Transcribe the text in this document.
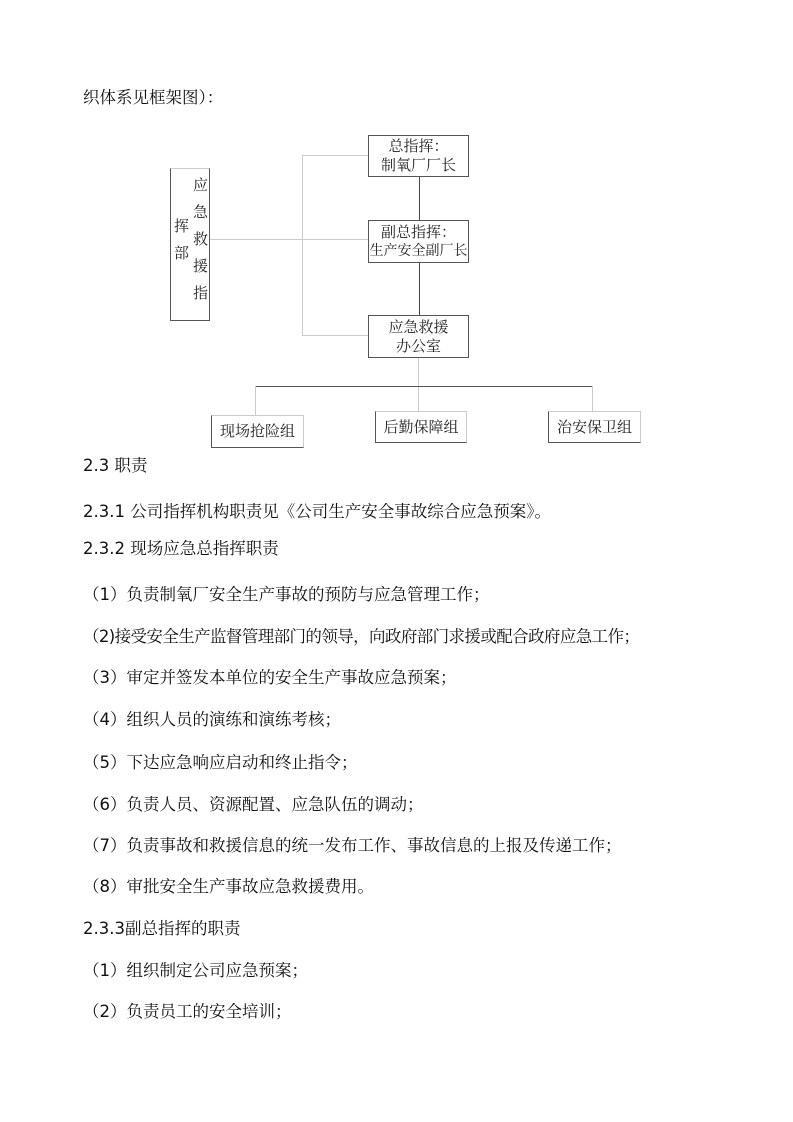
织体系见框架图）：
应急救援指挥部
总指挥：
制氧厂厂长
副总指挥：
生产安全副厂长
应急救援
办公室
现场抢险组	后勤保障组	治安保卫组
2.3 职责
2.3.1 公司指挥机构职责见《公司生产安全事故综合应急预案》。
2.3.2 现场应急总指挥职责
（1）负责制氧厂安全生产事故的预防与应急管理工作；
（2)接受安全生产监督管理部门的领导，向政府部门求援或配合政府应急工作；
（3）审定并签发本单位的安全生产事故应急预案；
（4）组织人员的演练和演练考核；
（5）下达应急响应启动和终止指令；
（6）负责人员、资源配置、应急队伍的调动；
（7）负责事故和救援信息的统一发布工作、事故信息的上报及传递工作；
（8）审批安全生产事故应急救援费用。
2.3.3副总指挥的职责
（1）组织制定公司应急预案；
（2）负责员工的安全培训；
